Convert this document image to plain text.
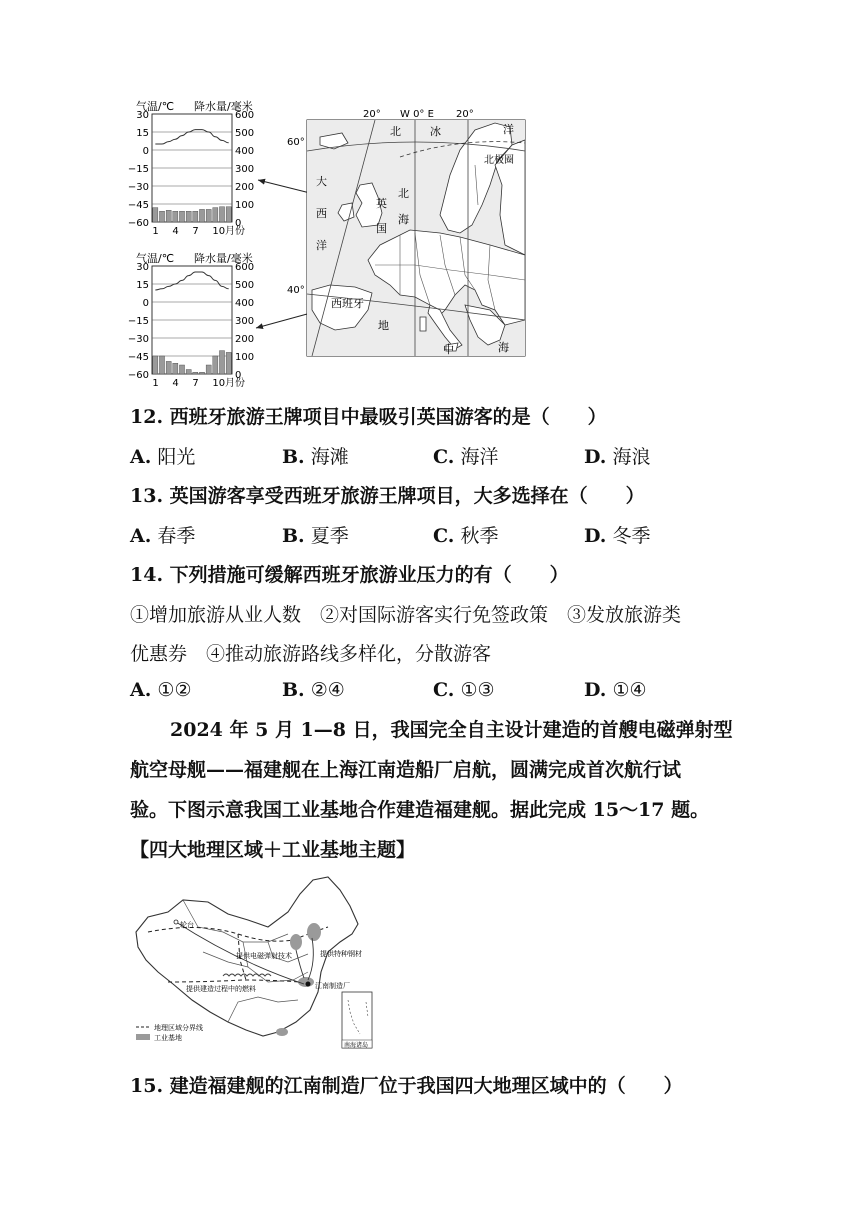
气温/℃ 降水量/毫米
30
15
0
−15
−30
−45
−60
600
500
400
300
200
100
0
1 4 7 10月份
气温/℃ 降水量/毫米
30
15
0
−15
−30
−45
−60
600
500
400
300
200
100
0
1 4 7 10月份
20° W 0° E 20°
60°
40°
北	冰	洋
北极圈
大
西
洋
北
海
英
国
西班牙
地
中	海
12. 西班牙旅游王牌项目中最吸引英国游客的是（　　）
A. 阳光	B. 海滩	C. 海洋	D. 海浪
13. 英国游客享受西班牙旅游王牌项目，大多选择在（　　）
A. 春季	B. 夏季	C. 秋季	D. 冬季
14. 下列措施可缓解西班牙旅游业压力的有（　　）
①增加旅游从业人数　②对国际游客实行免签政策　③发放旅游类
优惠券　④推动旅游路线多样化，分散游客
A. ①②	B. ②④	C. ①③	D. ①④
2024 年 5 月 1—8 日，我国完全自主设计建造的首艘电磁弹射型
航空母舰——福建舰在上海江南造船厂启航，圆满完成首次航行试
验。下图示意我国工业基地合作建造福建舰。据此完成 15～17 题。
【四大地理区域＋工业基地主题】
轮台
提供电磁弹射技术	提供特种钢材
提供建造过程中的燃料	江南制造厂
南海诸岛
地理区域分界线
工业基地
15. 建造福建舰的江南制造厂位于我国四大地理区域中的（　　）
